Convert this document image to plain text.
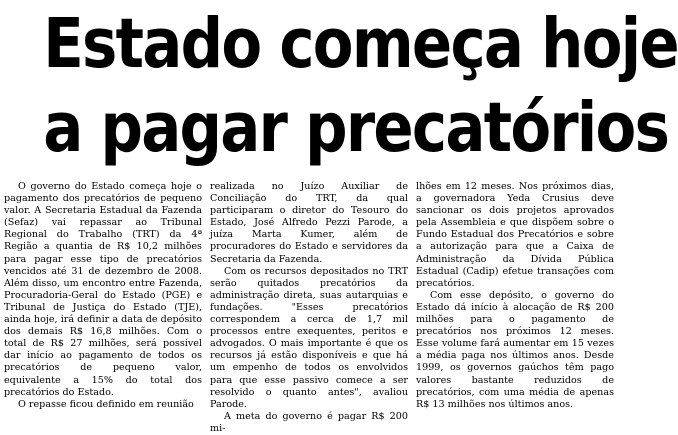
Estado começa hoje
a pagar precatórios

O governo do Estado começa hoje o pagamento dos precatórios de pequeno valor. A Secretaria Estadual da Fazenda (Sefaz) vai repassar ao Tribunal Regional do Trabalho (TRT) da 4ª Região a quantia de R$ 10,2 milhões para pagar esse tipo de precatórios vencidos até 31 de dezembro de 2008. Além disso, um encontro entre Fazenda, Procuradoria-Geral do Estado (PGE) e Tribunal de Justiça do Estado (TJE), ainda hoje, irá definir a data de depósito dos demais R$ 16,8 milhões. Com o total de R$ 27 milhões, será possível dar início ao pagamento de todos os precatórios de pequeno valor, equivalente a 15% do total dos precatórios do Estado.

O repasse ficou definido em reunião

realizada no Juízo Auxiliar de Conciliação do TRT, da qual participaram o diretor do Tesouro do Estado, José Alfredo Pezzi Parode, a juíza Marta Kumer, além de procuradores do Estado e servidores da Secretaria da Fazenda.

Com os recursos depositados no TRT serão quitados precatórios da administração direta, suas autarquias e fundações. "Esses precatórios correspondem a cerca de 1,7 mil processos entre exequentes, peritos e advogados. O mais importante é que os recursos já estão disponíveis e que há um empenho de todos os envolvidos para que esse passivo comece a ser resolvido o quanto antes", avaliou Parode.

A meta do governo é pagar R$ 200 mi-

lhões em 12 meses. Nos próximos dias, a governadora Yeda Crusius deve sancionar os dois projetos aprovados pela Assembleia e que dispõem sobre o Fundo Estadual dos Precatórios e sobre a autorização para que a Caixa de Administração da Dívida Pública Estadual (Cadip) efetue transações com precatórios.

Com esse depósito, o governo do Estado dá início à alocação de R$ 200 milhões para o pagamento de precatórios nos próximos 12 meses. Esse volume fará aumentar em 15 vezes a média paga nos últimos anos. Desde 1999, os governos gaúchos têm pago valores bastante reduzidos de precatórios, com uma média de apenas R$ 13 milhões nos últimos anos.
